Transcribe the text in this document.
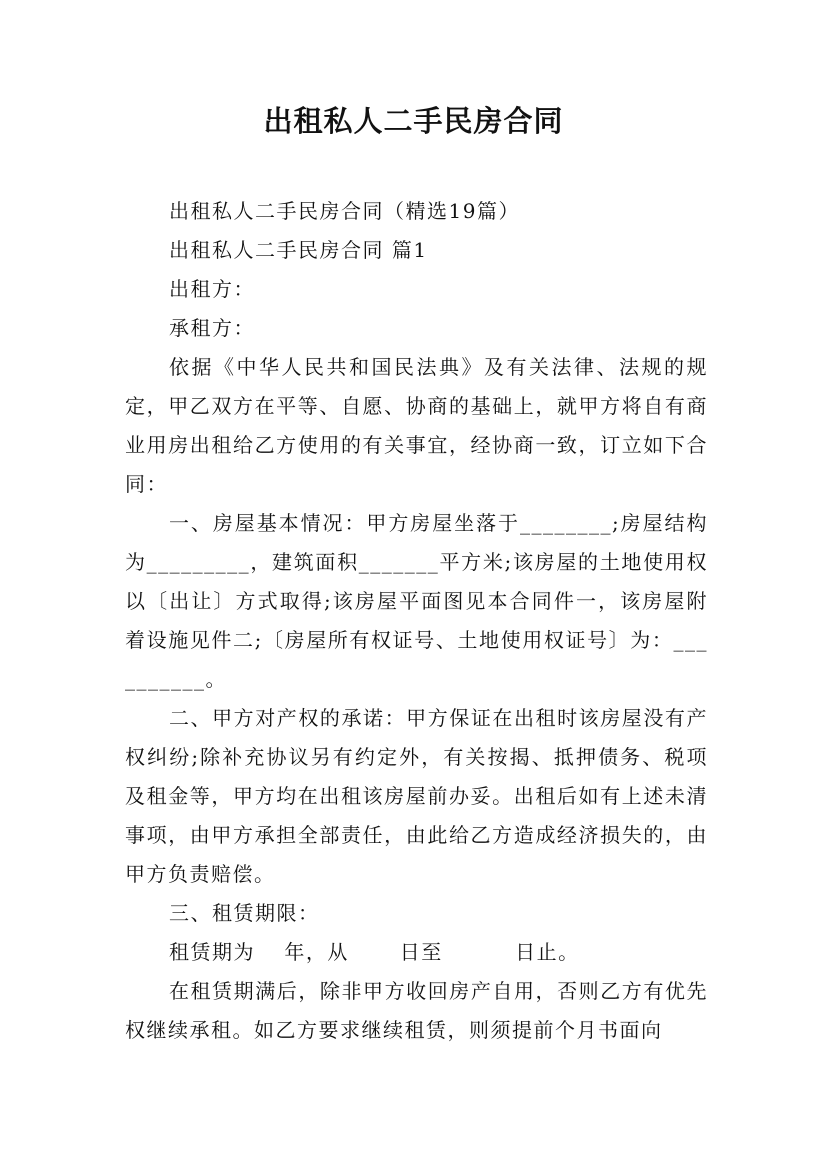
出租私人二手民房合同

出租私人二手民房合同（精选19篇）

出租私人二手民房合同 篇1

出租方：

承租方：

依据《中华人民共和国民法典》及有关法律、法规的规定，甲乙双方在平等、自愿、协商的基础上，就甲方将自有商业用房出租给乙方使用的有关事宜，经协商一致，订立如下合同：

一、房屋基本情况：甲方房屋坐落于________;房屋结构为_________，建筑面积_______平方米;该房屋的土地使用权以〔出让〕方式取得;该房屋平面图见本合同件一，该房屋附着设施见件二;〔房屋所有权证号、土地使用权证号〕为：__________。

二、甲方对产权的承诺：甲方保证在出租时该房屋没有产权纠纷;除补充协议另有约定外，有关按揭、抵押债务、税项及租金等，甲方均在出租该房屋前办妥。出租后如有上述未清事项，由甲方承担全部责任，由此给乙方造成经济损失的，由甲方负责赔偿。

三、租赁期限：

租赁期为　 年，从　　 日至　　　 日止。

在租赁期满后，除非甲方收回房产自用，否则乙方有优先权继续承租。如乙方要求继续租赁，则须提前个月书面向
